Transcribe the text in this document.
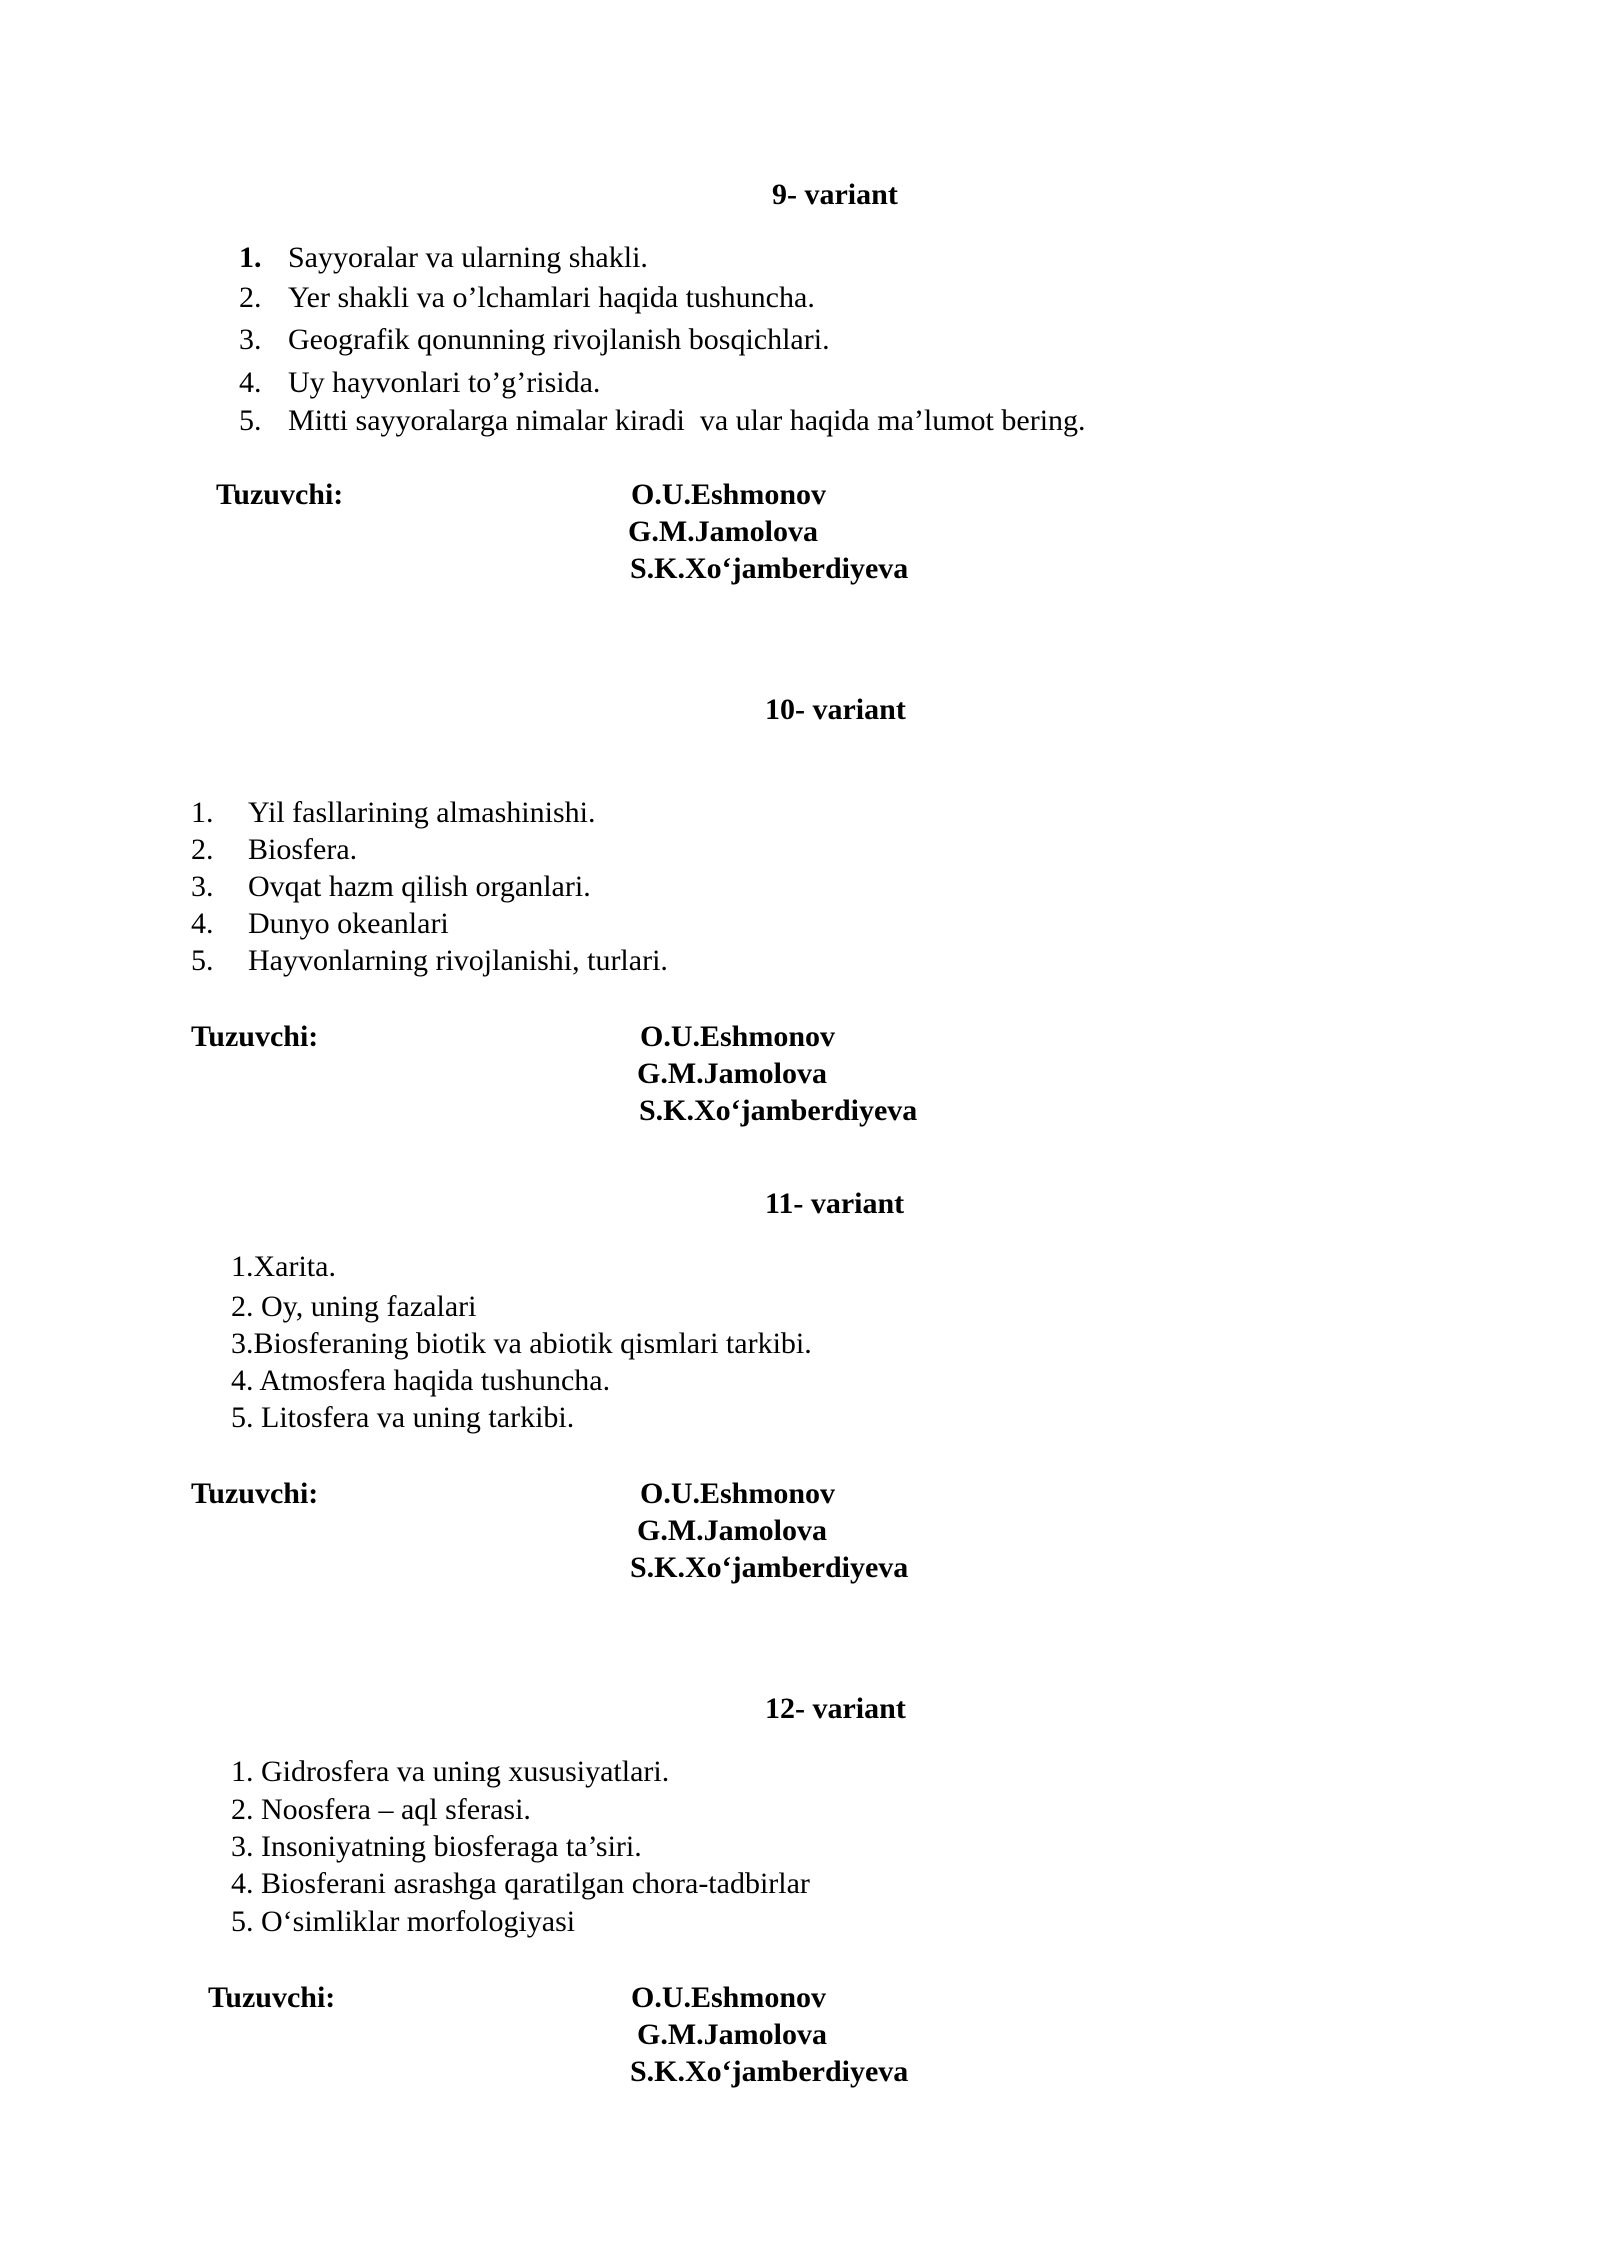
9- variant
1. Sayyoralar va ularning shakli.
2. Yer shakli va o’lchamlari haqida tushuncha.
3. Geografik qonunning rivojlanish bosqichlari.
4. Uy hayvonlari to’g’risida.
5. Mitti sayyoralarga nimalar kiradi  va ular haqida ma’lumot bering.
Tuzuvchi:	O.U.Eshmonov
G.M.Jamolova
S.K.Xo‘jamberdiyeva
10- variant
1. Yil fasllarining almashinishi.
2. Biosfera.
3. Ovqat hazm qilish organlari.
4. Dunyo okeanlari
5. Hayvonlarning rivojlanishi, turlari.
Tuzuvchi:	O.U.Eshmonov
G.M.Jamolova
S.K.Xo‘jamberdiyeva
11- variant
1.Xarita.
2. Oy, uning fazalari
3.Biosferaning biotik va abiotik qismlari tarkibi.
4. Atmosfera haqida tushuncha.
5. Litosfera va uning tarkibi.
Tuzuvchi:	O.U.Eshmonov
G.M.Jamolova
S.K.Xo‘jamberdiyeva
12- variant
1. Gidrosfera va uning xususiyatlari.
2. Noosfera – aql sferasi.
3. Insoniyatning biosferaga ta’siri.
4. Biosferani asrashga qaratilgan chora-tadbirlar
5. O‘simliklar morfologiyasi
Tuzuvchi:	O.U.Eshmonov
G.M.Jamolova
S.K.Xo‘jamberdiyeva
